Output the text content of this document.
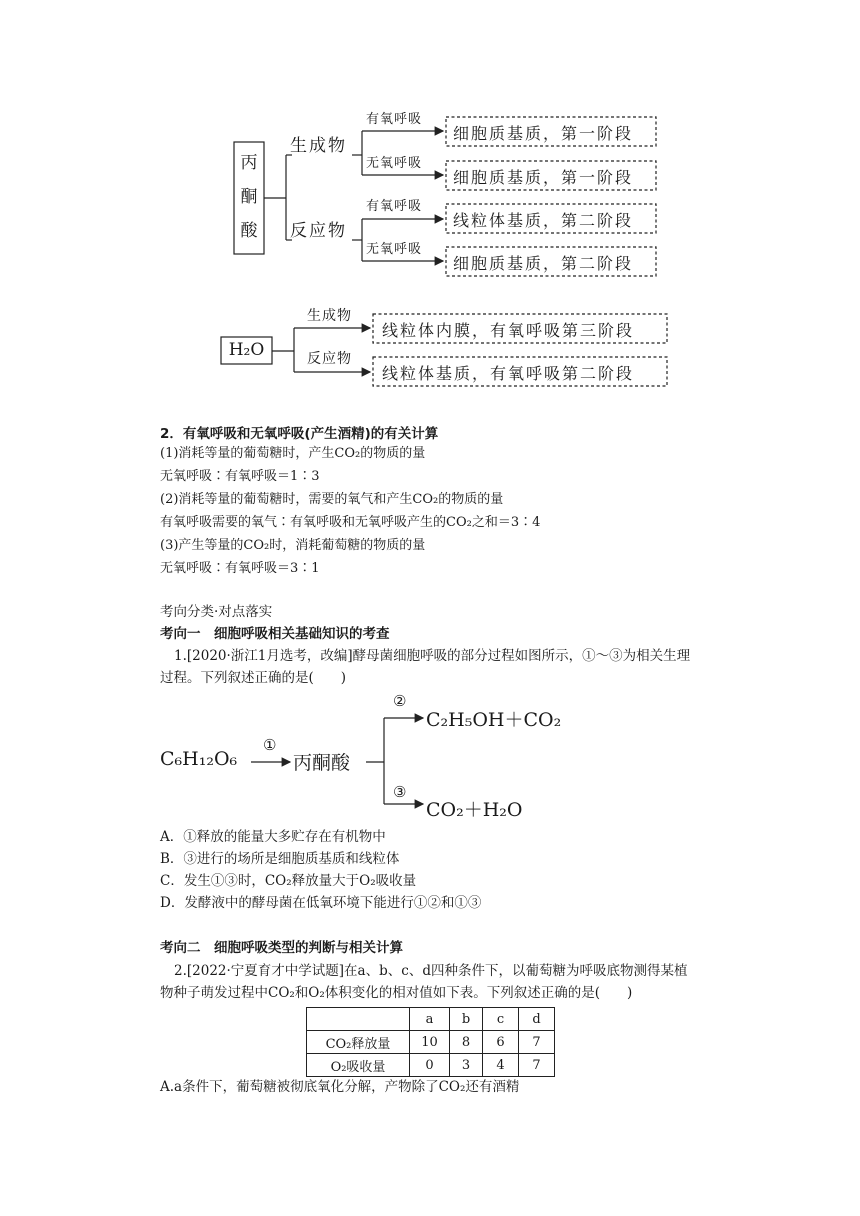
丙
酮
酸
生成物
反应物
有氧呼吸
无氧呼吸
有氧呼吸
无氧呼吸
细胞质基质，第一阶段
细胞质基质，第一阶段
线粒体基质，第二阶段
细胞质基质，第二阶段
H₂O
生成物
反应物
线粒体内膜，有氧呼吸第三阶段
线粒体基质，有氧呼吸第二阶段
2．有氧呼吸和无氧呼吸(产生酒精)的有关计算
(1)消耗等量的葡萄糖时，产生CO₂的物质的量
无氧呼吸∶有氧呼吸＝1∶3
(2)消耗等量的葡萄糖时，需要的氧气和产生CO₂的物质的量
有氧呼吸需要的氧气∶有氧呼吸和无氧呼吸产生的CO₂之和＝3∶4
(3)产生等量的CO₂时，消耗葡萄糖的物质的量
无氧呼吸∶有氧呼吸＝3∶1
考向分类·对点落实
考向一　细胞呼吸相关基础知识的考查
1.[2020·浙江1月选考，改编]酵母菌细胞呼吸的部分过程如图所示，①～③为相关生理
过程。下列叙述正确的是(　　)
C₆H₁₂O₆
①
丙酮酸
②
C₂H₅OH＋CO₂
③
CO₂＋H₂O
A．①释放的能量大多贮存在有机物中
B．③进行的场所是细胞质基质和线粒体
C．发生①③时，CO₂释放量大于O₂吸收量
D．发酵液中的酵母菌在低氧环境下能进行①②和①③
考向二　细胞呼吸类型的判断与相关计算
2.[2022·宁夏育才中学试题]在a、b、c、d四种条件下，以葡萄糖为呼吸底物测得某植
物种子萌发过程中CO₂和O₂体积变化的相对值如下表。下列叙述正确的是(　　)
	a	b	c	d
CO₂释放量	10	8	6	7
O₂吸收量	0	3	4	7
A.a条件下，葡萄糖被彻底氧化分解，产物除了CO₂还有酒精
